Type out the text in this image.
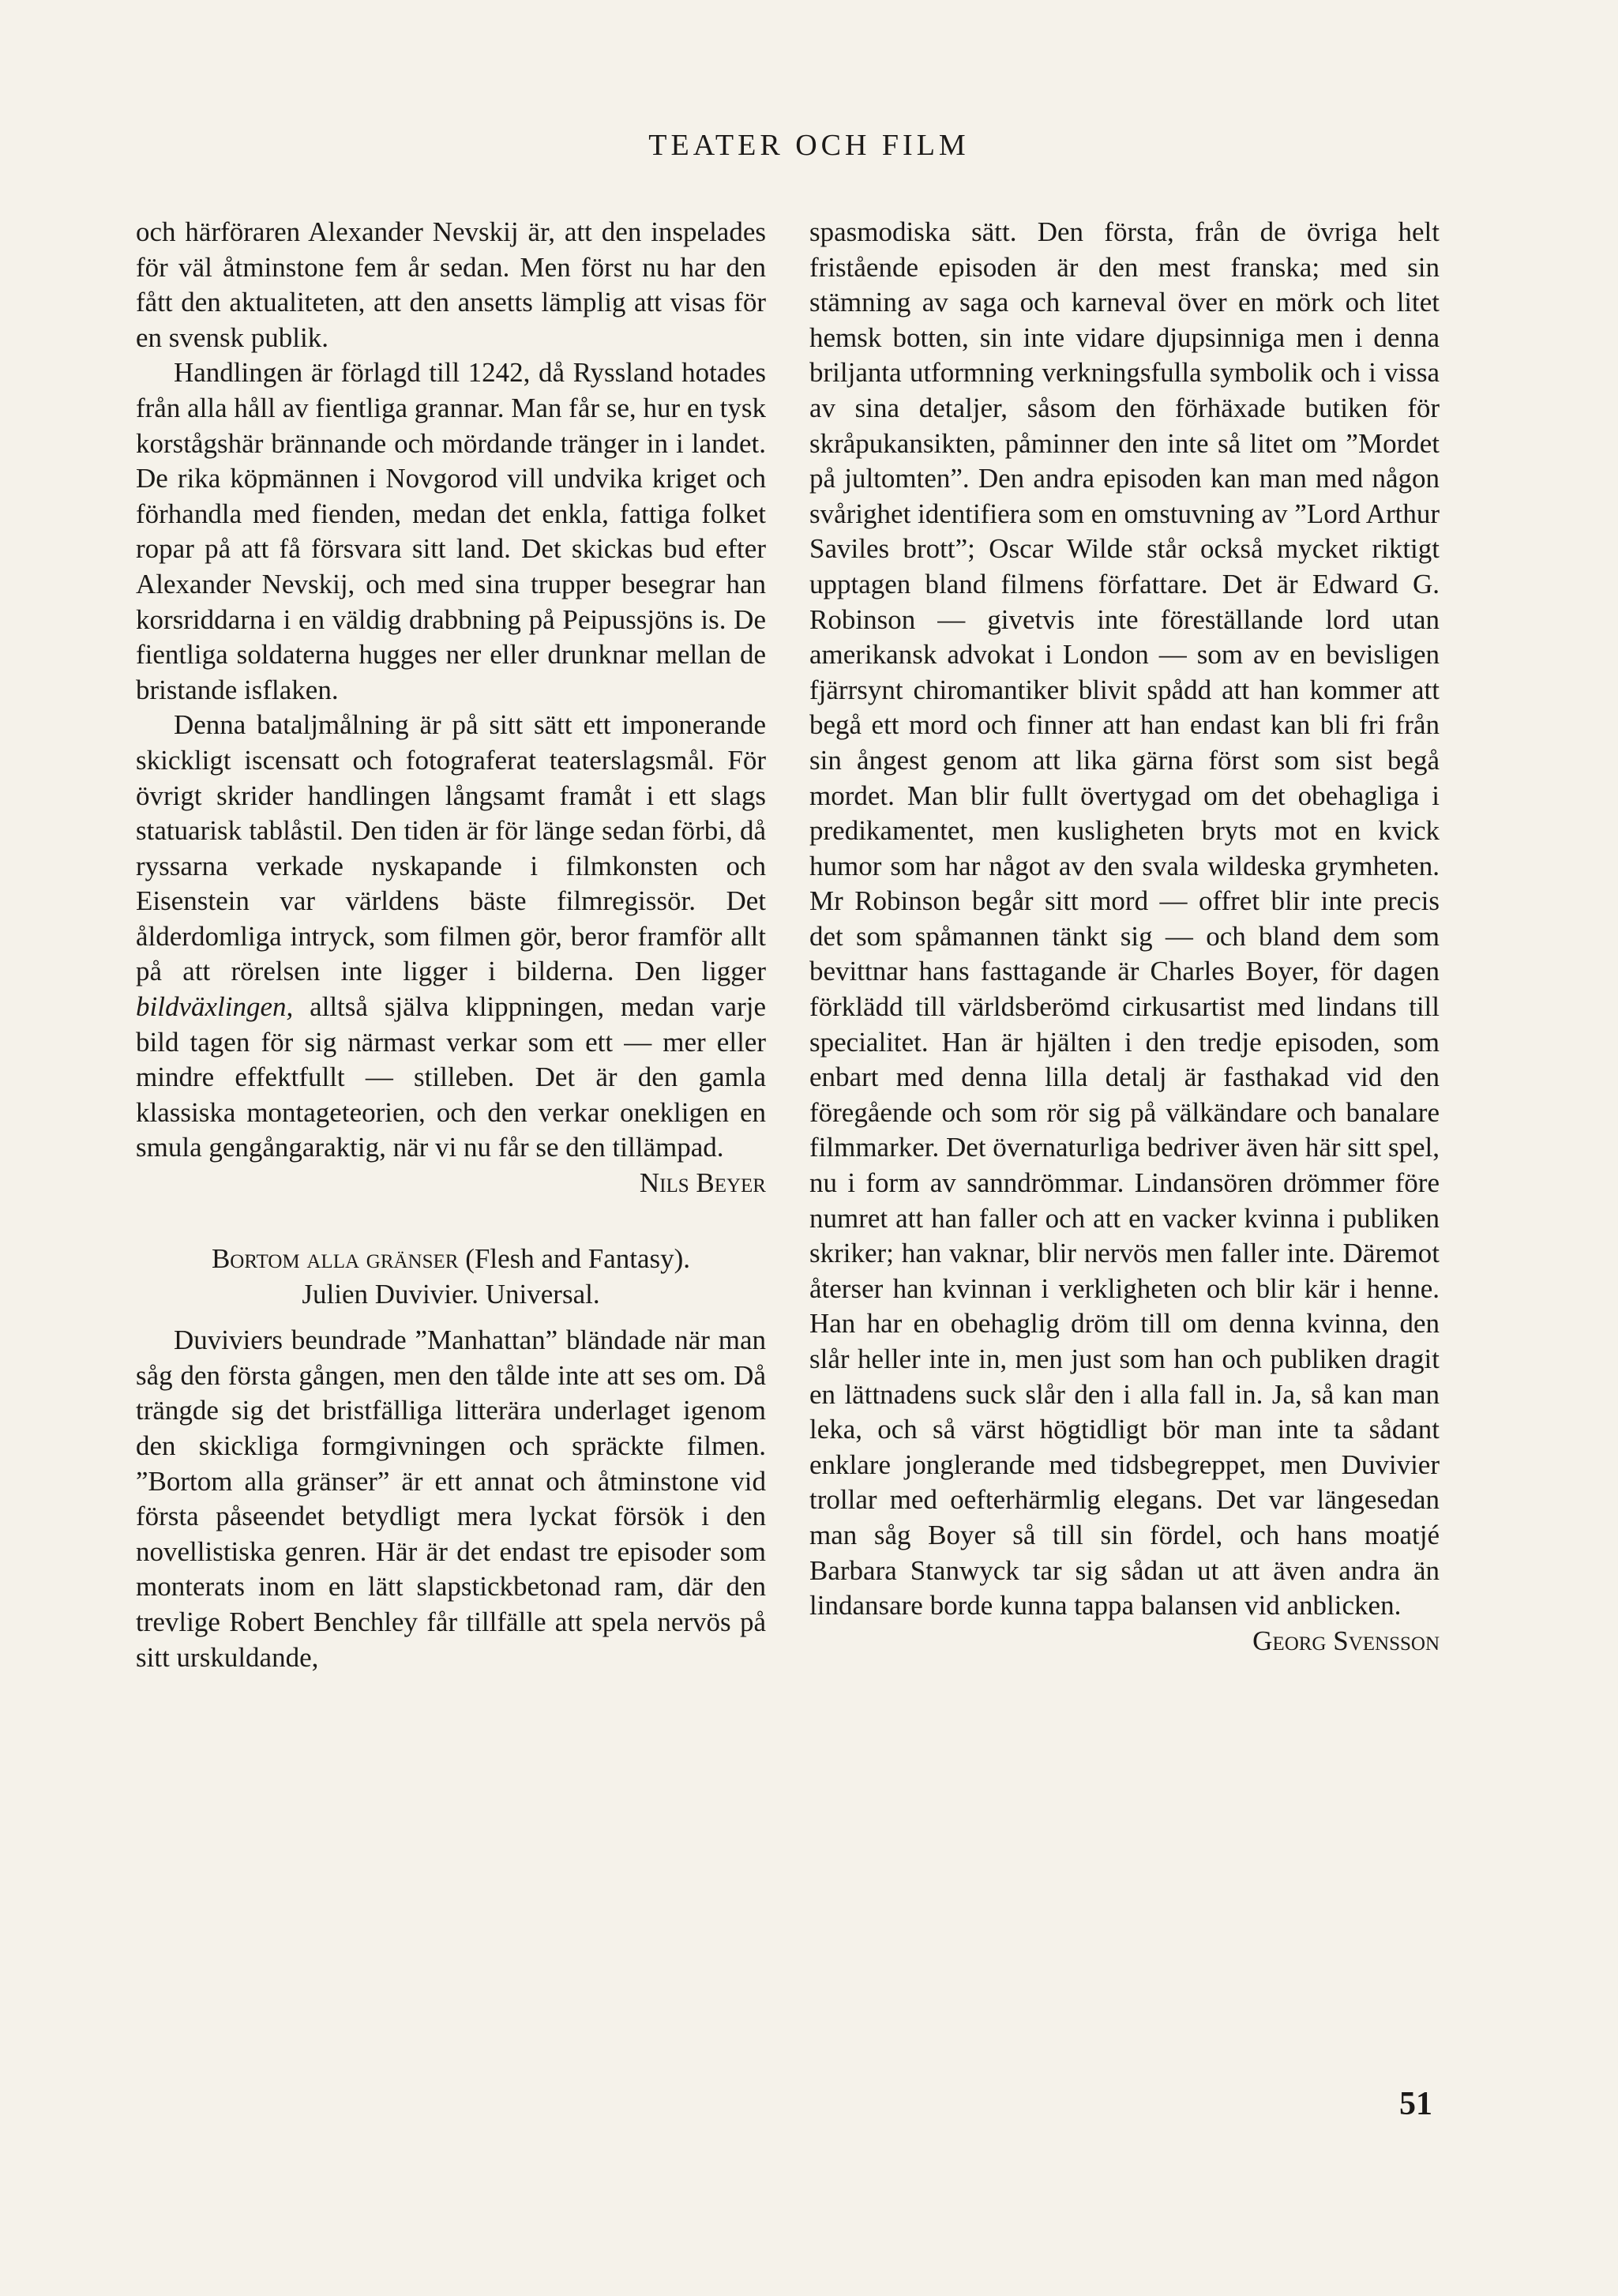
TEATER OCH FILM

och härföraren Alexander Nevskij är, att den inspelades för väl åtminstone fem år sedan. Men först nu har den fått den aktualiteten, att den ansetts lämplig att visas för en svensk publik.

Handlingen är förlagd till 1242, då Ryssland hotades från alla håll av fientliga grannar. Man får se, hur en tysk korstågshär brännande och mördande tränger in i landet. De rika köpmännen i Novgorod vill undvika kriget och förhandla med fienden, medan det enkla, fattiga folket ropar på att få försvara sitt land. Det skickas bud efter Alexander Nevskij, och med sina trupper besegrar han korsriddarna i en väldig drabbning på Peipussjöns is. De fientliga soldaterna hugges ner eller drunknar mellan de bristande isflaken.

Denna bataljmålning är på sitt sätt ett imponerande skickligt iscensatt och fotograferat teaterslagsmål. För övrigt skrider handlingen långsamt framåt i ett slags statuarisk tablåstil. Den tiden är för länge sedan förbi, då ryssarna verkade nyskapande i filmkonsten och Eisenstein var världens bäste filmregissör. Det ålderdomliga intryck, som filmen gör, beror framför allt på att rörelsen inte ligger i bilderna. Den ligger bildväxlingen, alltså själva klippningen, medan varje bild tagen för sig närmast verkar som ett — mer eller mindre effektfullt — stilleben. Det är den gamla klassiska montageteorien, och den verkar onekligen en smula gengångaraktig, när vi nu får se den tillämpad.
Nils Beyer

Bortom alla gränser (Flesh and Fantasy).

Julien Duvivier. Universal.

Duviviers beundrade ”Manhattan” bländade när man såg den första gången, men den tålde inte att ses om. Då trängde sig det bristfälliga litterära underlaget igenom den skickliga formgivningen och spräckte filmen. ”Bortom alla gränser” är ett annat och åtminstone vid första påseendet betydligt mera lyckat försök i den novellistiska genren. Här är det endast tre episoder som monterats inom en lätt slapstickbetonad ram, där den trevlige Robert Benchley får tillfälle att spela nervös på sitt urskuldande,

spasmodiska sätt. Den första, från de övriga helt fristående episoden är den mest franska; med sin stämning av saga och karneval över en mörk och litet hemsk botten, sin inte vidare djupsinniga men i denna briljanta utformning verkningsfulla symbolik och i vissa av sina detaljer, såsom den förhäxade butiken för skråpukansikten, påminner den inte så litet om ”Mordet på jultomten”. Den andra episoden kan man med någon svårighet identifiera som en omstuvning av ”Lord Arthur Saviles brott”; Oscar Wilde står också mycket riktigt upptagen bland filmens författare. Det är Edward G. Robinson — givetvis inte föreställande lord utan amerikansk advokat i London — som av en bevisligen fjärrsynt chiromantiker blivit spådd att han kommer att begå ett mord och finner att han endast kan bli fri från sin ångest genom att lika gärna först som sist begå mordet. Man blir fullt övertygad om det obehagliga i predikamentet, men kusligheten bryts mot en kvick humor som har något av den svala wildeska grymheten. Mr Robinson begår sitt mord — offret blir inte precis det som spåmannen tänkt sig — och bland dem som bevittnar hans fasttagande är Charles Boyer, för dagen förklädd till världsberömd cirkusartist med lindans till specialitet. Han är hjälten i den tredje episoden, som enbart med denna lilla detalj är fasthakad vid den föregående och som rör sig på välkändare och banalare filmmarker. Det övernaturliga bedriver även här sitt spel, nu i form av sanndrömmar. Lindansören drömmer före numret att han faller och att en vacker kvinna i publiken skriker; han vaknar, blir nervös men faller inte. Däremot återser han kvinnan i verkligheten och blir kär i henne. Han har en obehaglig dröm till om denna kvinna, den slår heller inte in, men just som han och publiken dragit en lättnadens suck slår den i alla fall in. Ja, så kan man leka, och så värst högtidligt bör man inte ta sådant enklare jonglerande med tidsbegreppet, men Duvivier trollar med oefterhärmlig elegans. Det var längesedan man såg Boyer så till sin fördel, och hans moatjé Barbara Stanwyck tar sig sådan ut att även andra än lindansare borde kunna tappa balansen vid anblicken.
Georg Svensson

51
